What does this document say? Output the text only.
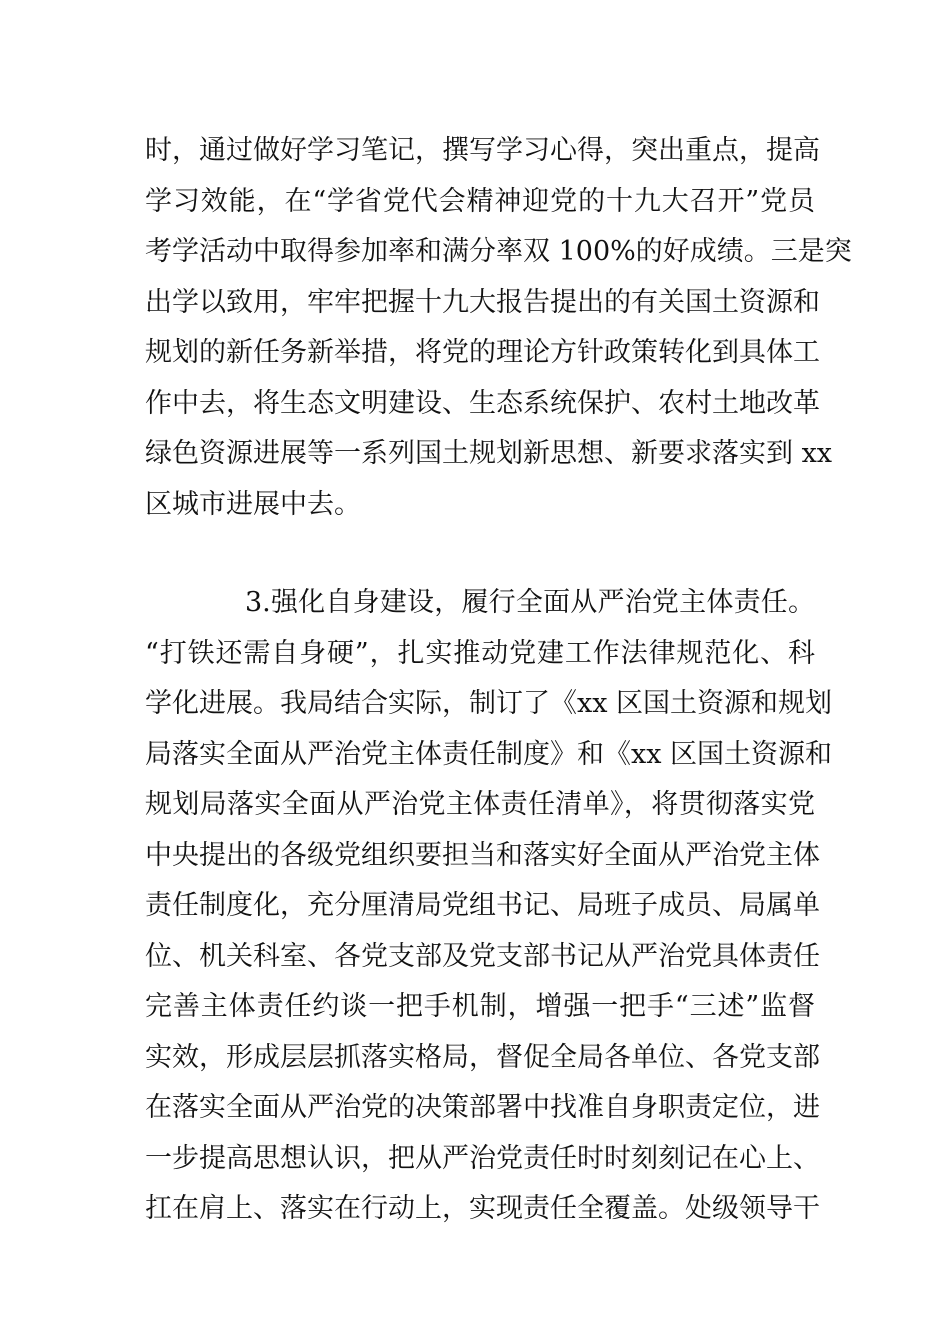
时，通过做好学习笔记，撰写学习心得，突出重点，提高
学习效能，在“学省党代会精神迎党的十九大召开”党员
考学活动中取得参加率和满分率双 100%的好成绩。三是突
出学以致用，牢牢把握十九大报告提出的有关国土资源和
规划的新任务新举措，将党的理论方针政策转化到具体工
作中去，将生态文明建设、生态系统保护、农村土地改革
绿色资源进展等一系列国土规划新思想、新要求落实到 xx
区城市进展中去。
3.强化自身建设，履行全面从严治党主体责任。
“打铁还需自身硬”，扎实推动党建工作法律规范化、科
学化进展。我局结合实际，制订了《xx 区国土资源和规划
局落实全面从严治党主体责任制度》和《xx 区国土资源和
规划局落实全面从严治党主体责任清单》，将贯彻落实党
中央提出的各级党组织要担当和落实好全面从严治党主体
责任制度化，充分厘清局党组书记、局班子成员、局属单
位、机关科室、各党支部及党支部书记从严治党具体责任
完善主体责任约谈一把手机制，增强一把手“三述”监督
实效，形成层层抓落实格局，督促全局各单位、各党支部
在落实全面从严治党的决策部署中找准自身职责定位，进
一步提高思想认识，把从严治党责任时时刻刻记在心上、
扛在肩上、落实在行动上，实现责任全覆盖。处级领导干
